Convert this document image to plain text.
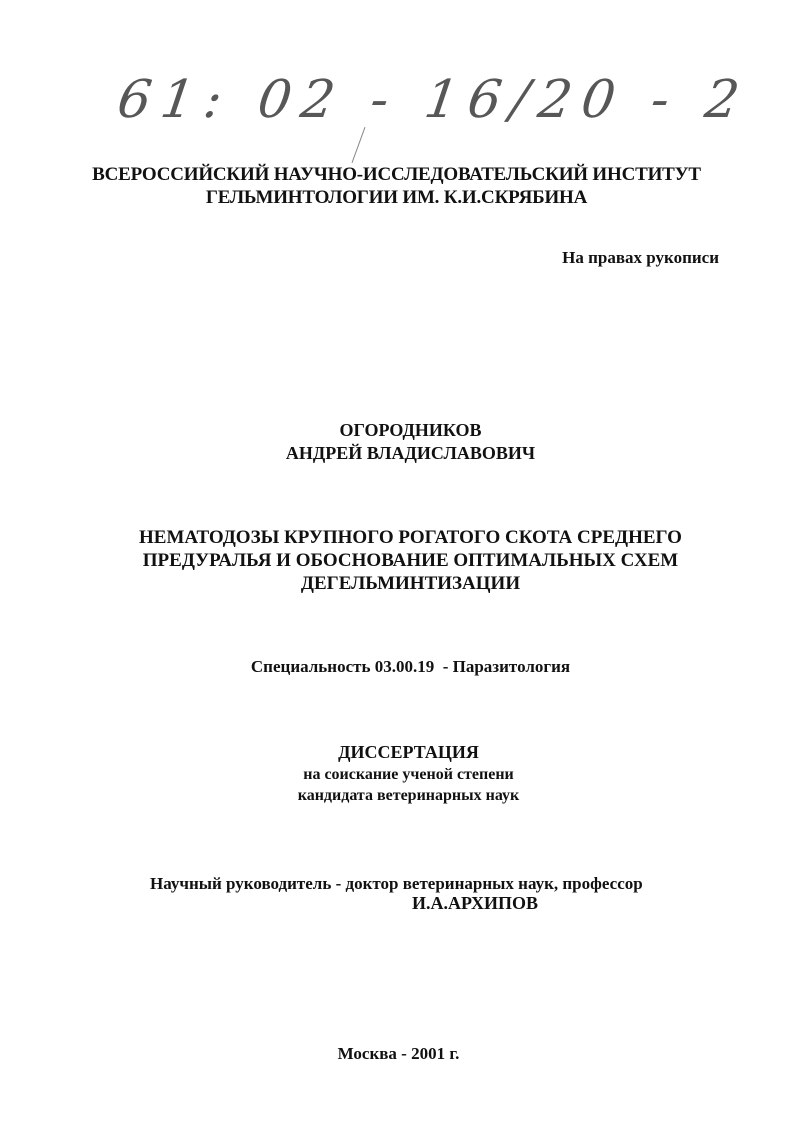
61: 02 - 16/20 - 2
ВСЕРОССИЙСКИЙ НАУЧНО-ИССЛЕДОВАТЕЛЬСКИЙ ИНСТИТУТ
ГЕЛЬМИНТОЛОГИИ ИМ. К.И.СКРЯБИНА
На правах рукописи
ОГОРОДНИКОВ
АНДРЕЙ ВЛАДИСЛАВОВИЧ
НЕМАТОДОЗЫ КРУПНОГО РОГАТОГО СКОТА СРЕДНЕГО
ПРЕДУРАЛЬЯ И ОБОСНОВАНИЕ ОПТИМАЛЬНЫХ СХЕМ
ДЕГЕЛЬМИНТИЗАЦИИ
Специальность 03.00.19  - Паразитология
ДИССЕРТАЦИЯ
на соискание ученой степени
кандидата ветеринарных наук
Научный руководитель - доктор ветеринарных наук, профессор
И.А.АРХИПОВ
Москва - 2001 г.
